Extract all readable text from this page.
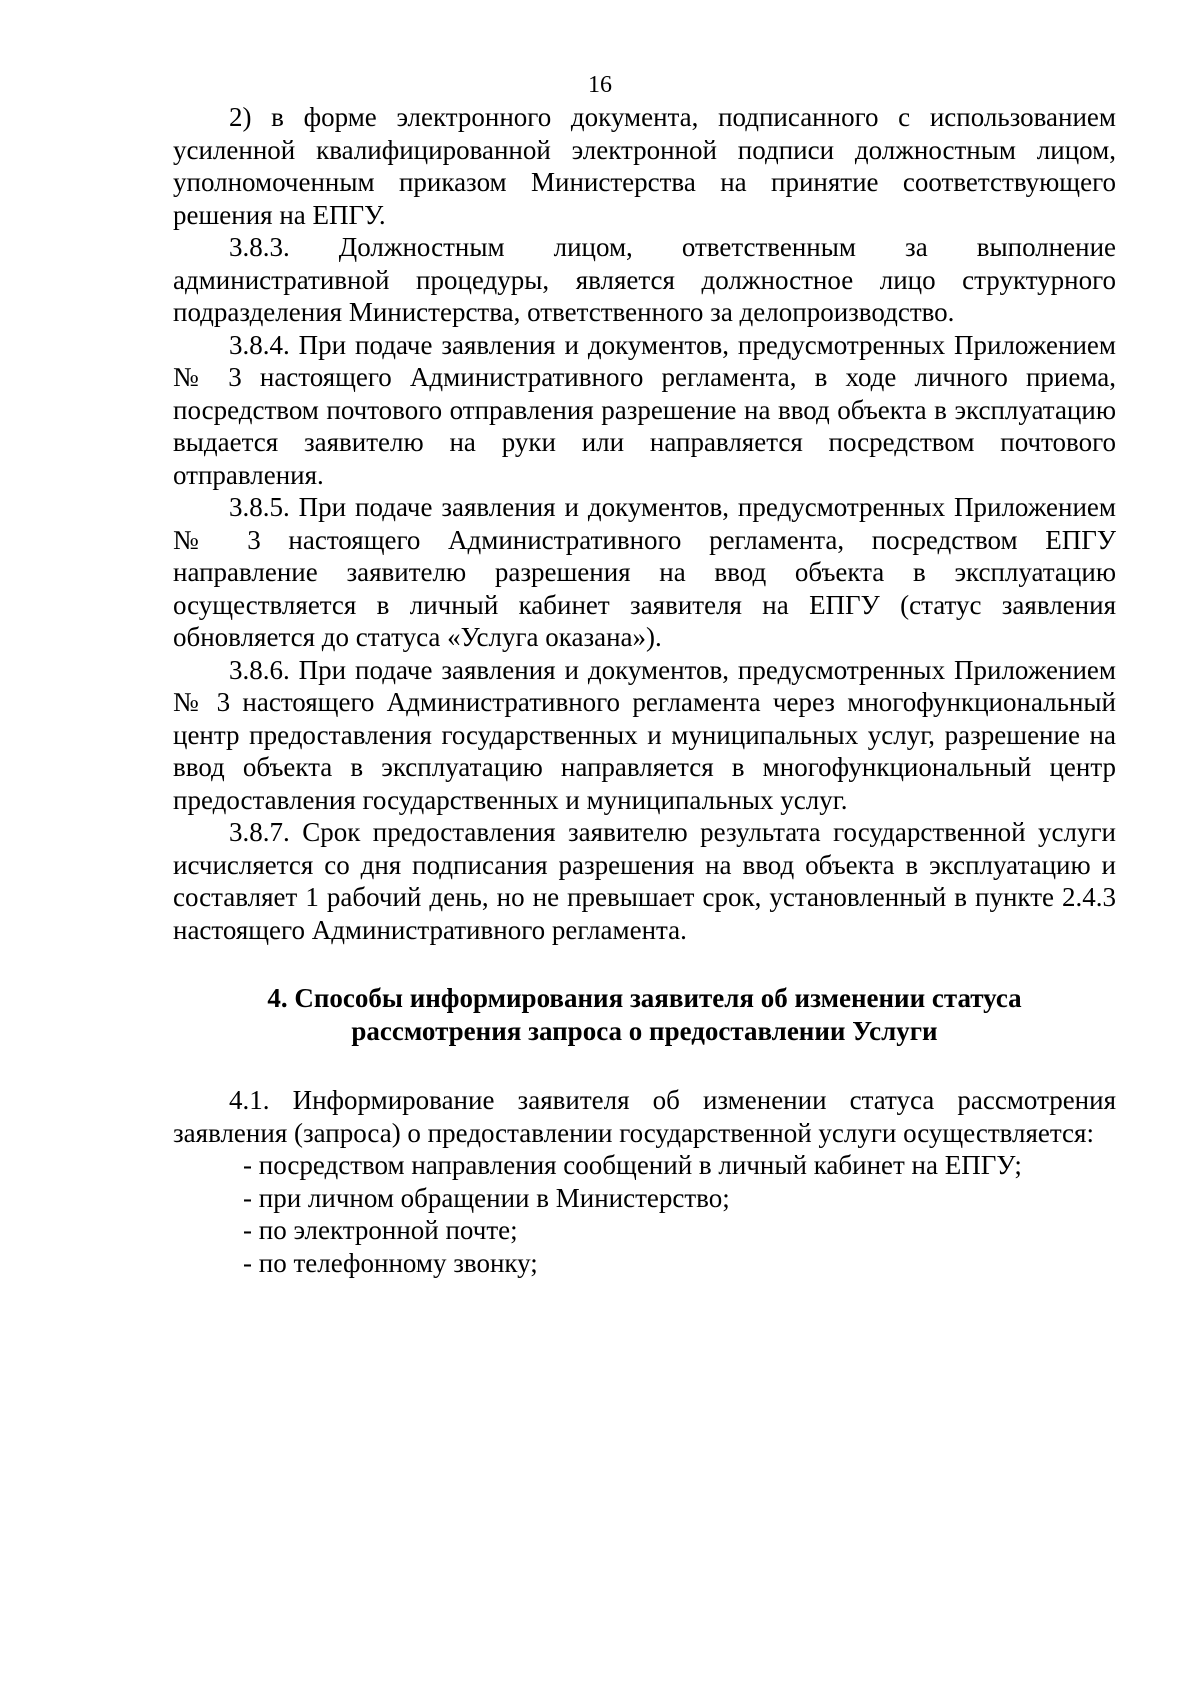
16

2) в форме электронного документа, подписанного с использованием усиленной квалифицированной электронной подписи должностным лицом, уполномоченным приказом Министерства на принятие соответствующего решения на ЕПГУ.

3.8.3. Должностным лицом, ответственным за выполнение административной процедуры, является должностное лицо структурного подразделения Министерства, ответственного за делопроизводство.

3.8.4. При подаче заявления и документов, предусмотренных Приложением № 3 настоящего Административного регламента, в ходе личного приема, посредством почтового отправления разрешение на ввод объекта в эксплуатацию выдается заявителю на руки или направляется посредством почтового отправления.

3.8.5. При подаче заявления и документов, предусмотренных Приложением № 3 настоящего Административного регламента, посредством ЕПГУ направление заявителю разрешения на ввод объекта в эксплуатацию осуществляется в личный кабинет заявителя на ЕПГУ (статус заявления обновляется до статуса «Услуга оказана»).

3.8.6. При подаче заявления и документов, предусмотренных Приложением № 3 настоящего Административного регламента через многофункциональный центр предоставления государственных и муниципальных услуг, разрешение на ввод объекта в эксплуатацию направляется в многофункциональный центр предоставления государственных и муниципальных услуг.

3.8.7. Срок предоставления заявителю результата государственной услуги исчисляется со дня подписания разрешения на ввод объекта в эксплуатацию и составляет 1 рабочий день, но не превышает срок, установленный в пункте 2.4.3 настоящего Административного регламента.

4. Способы информирования заявителя об изменении статуса
рассмотрения запроса о предоставлении Услуги

4.1. Информирование заявителя об изменении статуса рассмотрения заявления (запроса) о предоставлении государственной услуги осуществляется:

- посредством направления сообщений в личный кабинет на ЕПГУ;

- при личном обращении в Министерство;

- по электронной почте;

- по телефонному звонку;
